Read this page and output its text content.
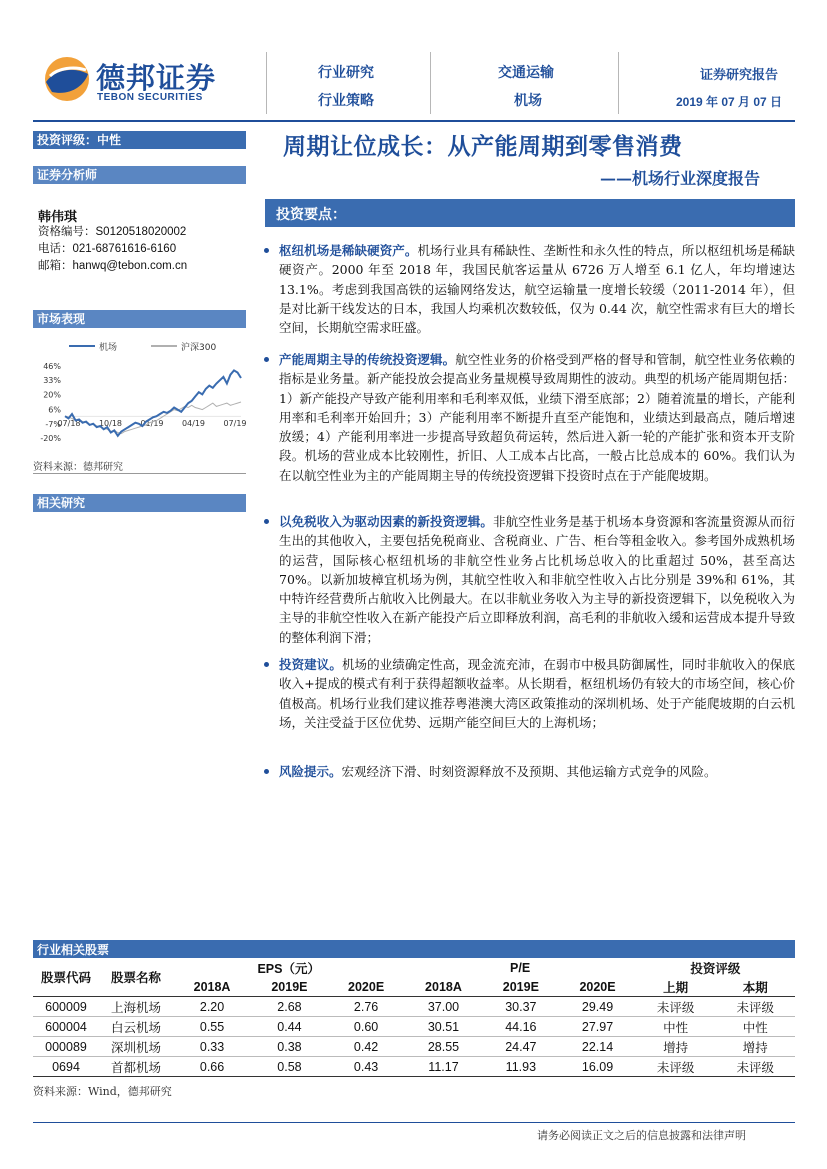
德邦证券
TEBON SECURITIES
行业研究
行业策略
交通运输
机场
证券研究报告
2019 年 07 月 07 日
投资评级：中性
证券分析师
韩伟琪
资格编号：S0120518020002
电话：021-68761616-6160
邮箱：hanwq@tebon.com.cn
市场表现
机场	沪深300
46%
33%
20%
6%
-7%
-20%
07/18 10/18 01/19 04/19 07/19
资料来源：德邦研究
相关研究
周期让位成长：从产能周期到零售消费
——机场行业深度报告
投资要点：
枢纽机场是稀缺硬资产。机场行业具有稀缺性、垄断性和永久性的特点，所以枢纽机场是稀缺硬资产。2000 年至 2018 年，我国民航客运量从 6726 万人增至 6.1 亿人，年均增速达 13.1%。考虑到我国高铁的运输网络发达，航空运输量一度增长较缓（2011-2014 年），但是对比新干线发达的日本，我国人均乘机次数较低，仅为 0.44 次，航空性需求有巨大的增长空间，长期航空需求旺盛。
产能周期主导的传统投资逻辑。航空性业务的价格受到严格的督导和管制，航空性业务依赖的指标是业务量。新产能投放会提高业务量规模导致周期性的波动。典型的机场产能周期包括：1）新产能投产导致产能利用率和毛利率双低，业绩下滑至底部；2）随着流量的增长，产能利用率和毛利率开始回升；3）产能利用率不断提升直至产能饱和，业绩达到最高点，随后增速放缓；4）产能利用率进一步提高导致超负荷运转，然后进入新一轮的产能扩张和资本开支阶段。机场的营业成本比较刚性，折旧、人工成本占比高，一般占比总成本的 60%。我们认为在以航空性业为主的产能周期主导的传统投资逻辑下投资时点在于产能爬坡期。
以免税收入为驱动因素的新投资逻辑。非航空性业务是基于机场本身资源和客流量资源从而衍生出的其他收入，主要包括免税商业、含税商业、广告、柜台等租金收入。参考国外成熟机场的运营，国际核心枢纽机场的非航空性业务占比机场总收入的比重超过 50%，甚至高达 70%。以新加坡樟宜机场为例，其航空性收入和非航空性收入占比分别是 39%和 61%，其中特许经营费所占航收入比例最大。在以非航业务收入为主导的新投资逻辑下，以免税收入为主导的非航空性收入在新产能投产后立即释放利润，高毛利的非航收入缓和运营成本提升导致的整体利润下滑；
投资建议。机场的业绩确定性高，现金流充沛，在弱市中极具防御属性，同时非航收入的保底收入+提成的模式有利于获得超额收益率。从长期看，枢纽机场仍有较大的市场空间，核心价值极高。机场行业我们建议推荐粤港澳大湾区政策推动的深圳机场、处于产能爬坡期的白云机场，关注受益于区位优势、远期产能空间巨大的上海机场；
风险提示。宏观经济下滑、时刻资源释放不及预期、其他运输方式竞争的风险。
行业相关股票
股票代码	股票名称	EPS（元）			P/E			投资评级	
		2018A	2019E	2020E	2018A	2019E	2020E	上期	本期
600009	上海机场	2.20	2.68	2.76	37.00	30.37	29.49	未评级	未评级
600004	白云机场	0.55	0.44	0.60	30.51	44.16	27.97	中性	中性
000089	深圳机场	0.33	0.38	0.42	28.55	24.47	22.14	增持	增持
0694	首都机场	0.66	0.58	0.43	11.17	11.93	16.09	未评级	未评级
资料来源：Wind，德邦研究
请务必阅读正文之后的信息披露和法律声明
